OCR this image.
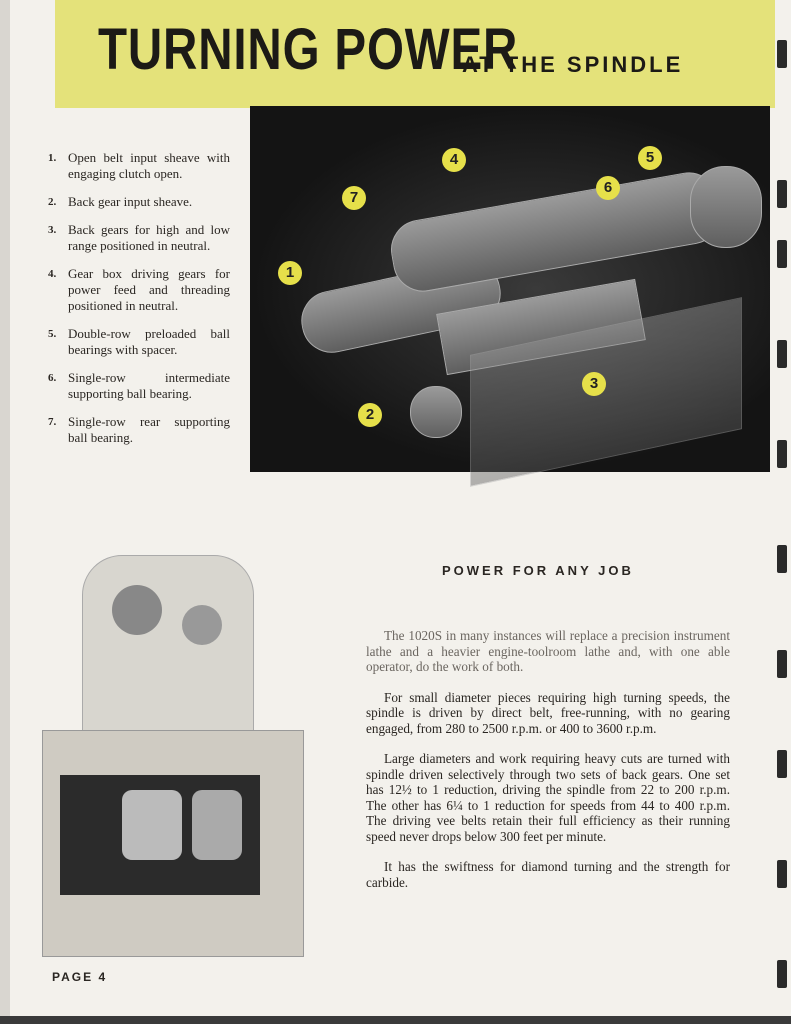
TURNING POWER
AT THE SPINDLE
1
2
3
4	5
6
7
1. Open belt input sheave with engaging clutch open.
2. Back gear input sheave.
3. Back gears for high and low range positioned in neutral.
4. Gear box driving gears for power feed and threading positioned in neutral.
5. Double-row preloaded ball bearings with spacer.
6. Single-row intermediate supporting ball bearing.
7. Single-row rear supporting ball bearing.
POWER FOR ANY JOB

The 1020S in many instances will replace a precision instrument lathe and a heavier engine-toolroom lathe and, with one able operator, do the work of both.

For small diameter pieces requiring high turning speeds, the spindle is driven by direct belt, free-running, with no gearing engaged, from 280 to 2500 r.p.m. or 400 to 3600 r.p.m.

Large diameters and work requiring heavy cuts are turned with spindle driven selectively through two sets of back gears. One set has 12½ to 1 reduction, driving the spindle from 22 to 200 r.p.m. The other has 6¼ to 1 reduction for speeds from 44 to 400 r.p.m. The driving vee belts retain their full efficiency as their running speed never drops below 300 feet per minute.

It has the swiftness for diamond turning and the strength for carbide.

PAGE 4
